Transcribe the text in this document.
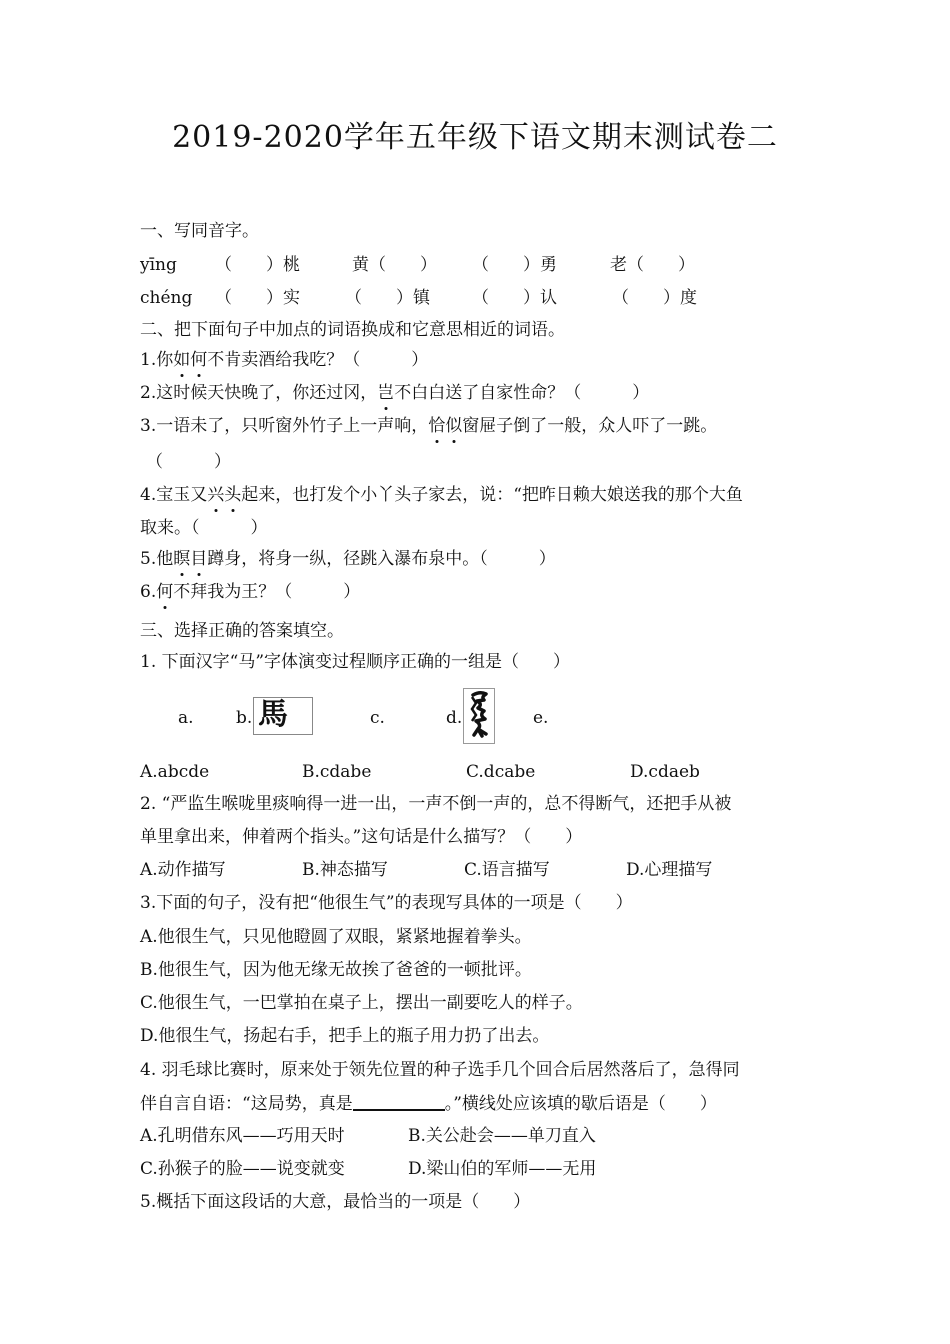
2019-2020学年五年级下语文期末测试卷二
一、写同音字。
yīng （　　）桃	黄（　　） （　　）勇	老（　　）
chéng （　　）实	（　　）镇 （　　）认	（　　）度
二、把下面句子中加点的词语换成和它意思相近的词语。
1.你如何不肯卖酒给我吃？（　　　）
2.这时候天快晚了，你还过冈，岂不白白送了自家性命？（　　　）
3.一语未了，只听窗外竹子上一声响，恰似窗屉子倒了一般，众人吓了一跳。
（　　　）
4.宝玉又兴头起来，也打发个小丫头子家去，说：“把昨日赖大娘送我的那个大鱼
取来。（　　　）
5.他瞑目蹲身，将身一纵，径跳入瀑布泉中。（　　　）
6.何不拜我为王？（　　　）
三、选择正确的答案填空。
1. 下面汉字“马”字体演变过程顺序正确的一组是（　　）
a. b. 馬	c.	d.	e.
A.abcde	B.cdabe	C.dcabe	D.cdaeb
2. “严监生喉咙里痰响得一进一出，一声不倒一声的，总不得断气，还把手从被
单里拿出来，伸着两个指头。”这句话是什么描写？（　　）
A.动作描写	B.神态描写	C.语言描写	D.心理描写
3.下面的句子，没有把“他很生气”的表现写具体的一项是（　　）
A.他很生气，只见他瞪圆了双眼，紧紧地握着拳头。
B.他很生气，因为他无缘无故挨了爸爸的一顿批评。
C.他很生气，一巴掌拍在桌子上，摆出一副要吃人的样子。
D.他很生气，扬起右手，把手上的瓶子用力扔了出去。
4. 羽毛球比赛时，原来处于领先位置的种子选手几个回合后居然落后了，急得同
伴自言自语：“这局势，真是	。”横线处应该填的歇后语是（　　）
A.孔明借东风——巧用天时	B.关公赴会——单刀直入
C.孙猴子的脸——说变就变	D.梁山伯的军师——无用
5.概括下面这段话的大意，最恰当的一项是（　　）
